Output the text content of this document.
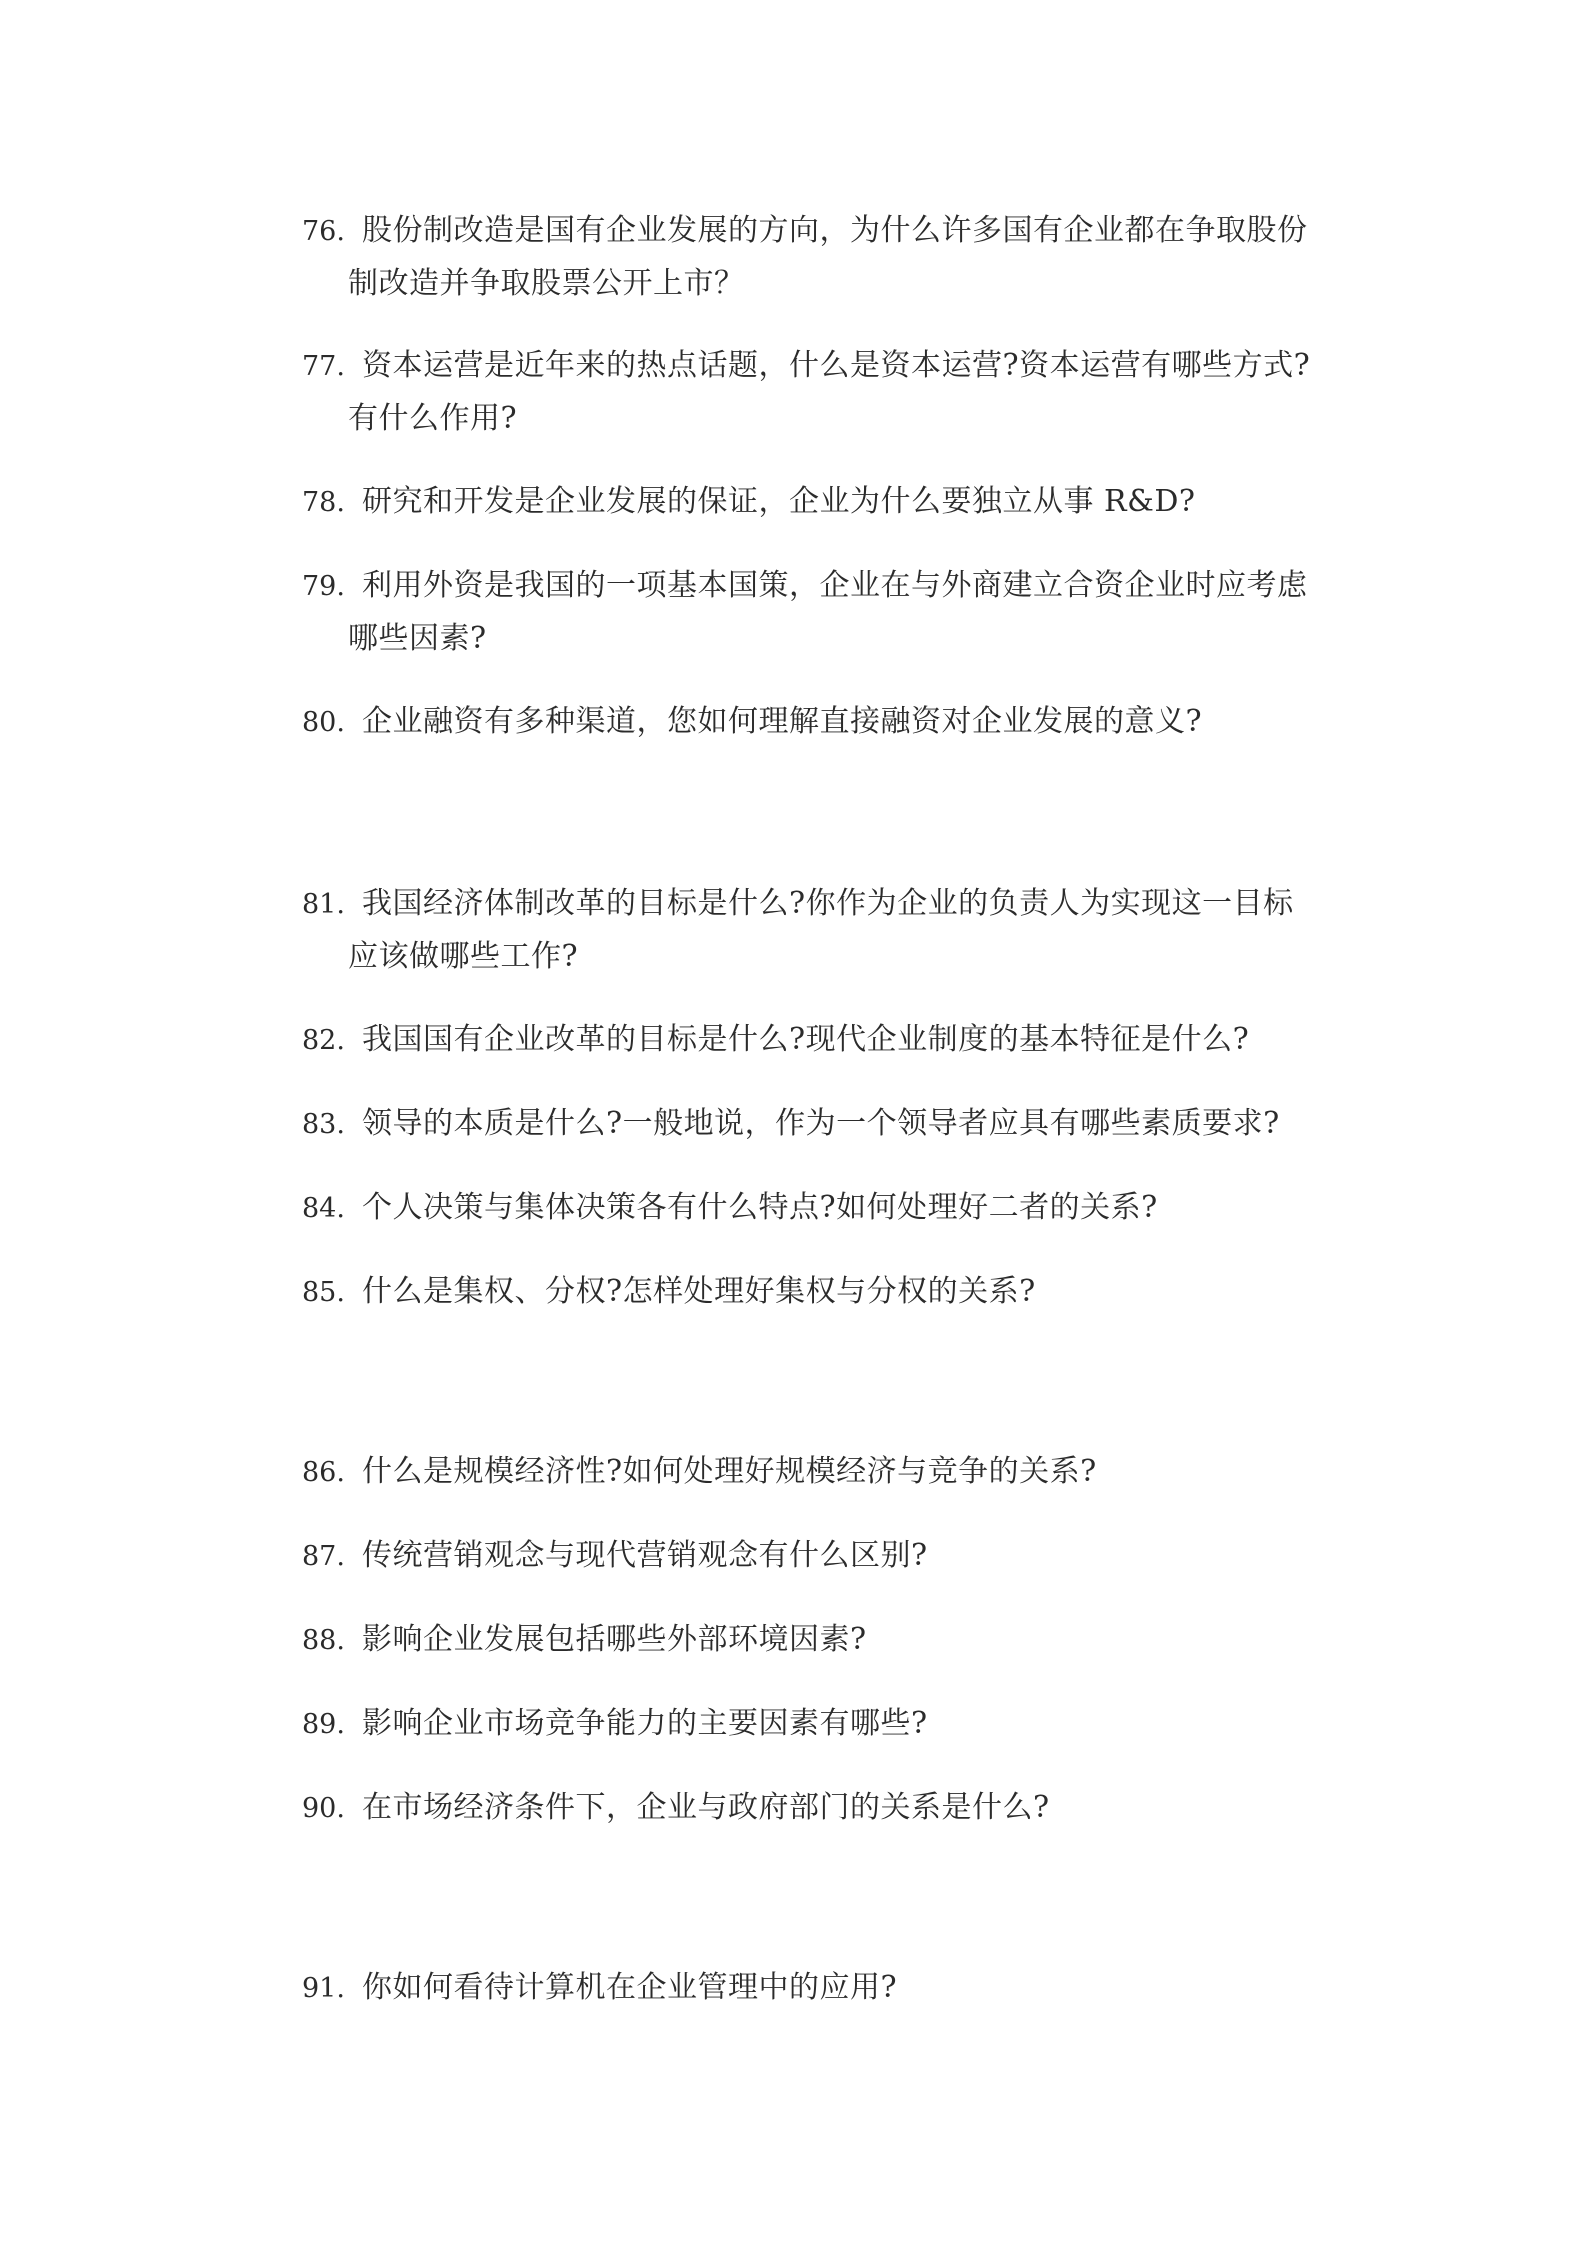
76. 股份制改造是国有企业发展的方向，为什么许多国有企业都在争取股份
制改造并争取股票公开上市？
77. 资本运营是近年来的热点话题，什么是资本运营?资本运营有哪些方式?
有什么作用?
78. 研究和开发是企业发展的保证，企业为什么要独立从事 R&D?
79. 利用外资是我国的一项基本国策，企业在与外商建立合资企业时应考虑
哪些因素?
80. 企业融资有多种渠道，您如何理解直接融资对企业发展的意义?
81. 我国经济体制改革的目标是什么?你作为企业的负责人为实现这一目标
应该做哪些工作?
82. 我国国有企业改革的目标是什么?现代企业制度的基本特征是什么?
83. 领导的本质是什么?一般地说，作为一个领导者应具有哪些素质要求?
84. 个人决策与集体决策各有什么特点?如何处理好二者的关系?
85. 什么是集权、分权?怎样处理好集权与分权的关系?
86. 什么是规模经济性?如何处理好规模经济与竞争的关系?
87. 传统营销观念与现代营销观念有什么区别?
88. 影响企业发展包括哪些外部环境因素?
89. 影响企业市场竞争能力的主要因素有哪些?
90. 在市场经济条件下，企业与政府部门的关系是什么?
91. 你如何看待计算机在企业管理中的应用?
